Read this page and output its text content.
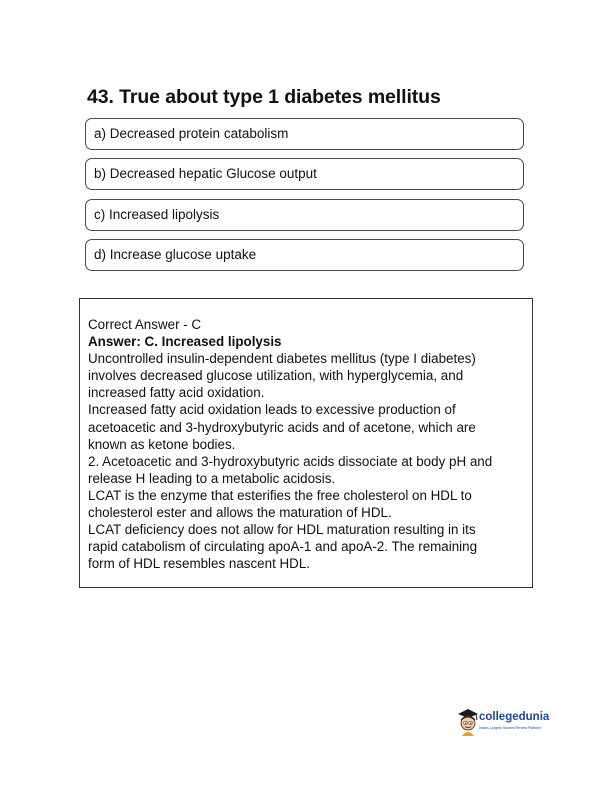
43. True about type 1 diabetes mellitus
a) Decreased protein catabolism
b) Decreased hepatic Glucose output
c) Increased lipolysis
d) Increase glucose uptake
Correct Answer - C
Answer: C. Increased lipolysis
Uncontrolled insulin-dependent diabetes mellitus (type I diabetes)
involves decreased glucose utilization, with hyperglycemia, and
increased fatty acid oxidation.
Increased fatty acid oxidation leads to excessive production of
acetoacetic and 3-hydroxybutyric acids and of acetone, which are
known as ketone bodies.
2. Acetoacetic and 3-hydroxybutyric acids dissociate at body pH and
release H leading to a metabolic acidosis.
LCAT is the enzyme that esterifies the free cholesterol on HDL to
cholesterol ester and allows the maturation of HDL.
LCAT deficiency does not allow for HDL maturation resulting in its
rapid catabolism of circulating apoA-1 and apoA-2. The remaining
form of HDL resembles nascent HDL.
collegedunia
India's Largest Student Review Platform
